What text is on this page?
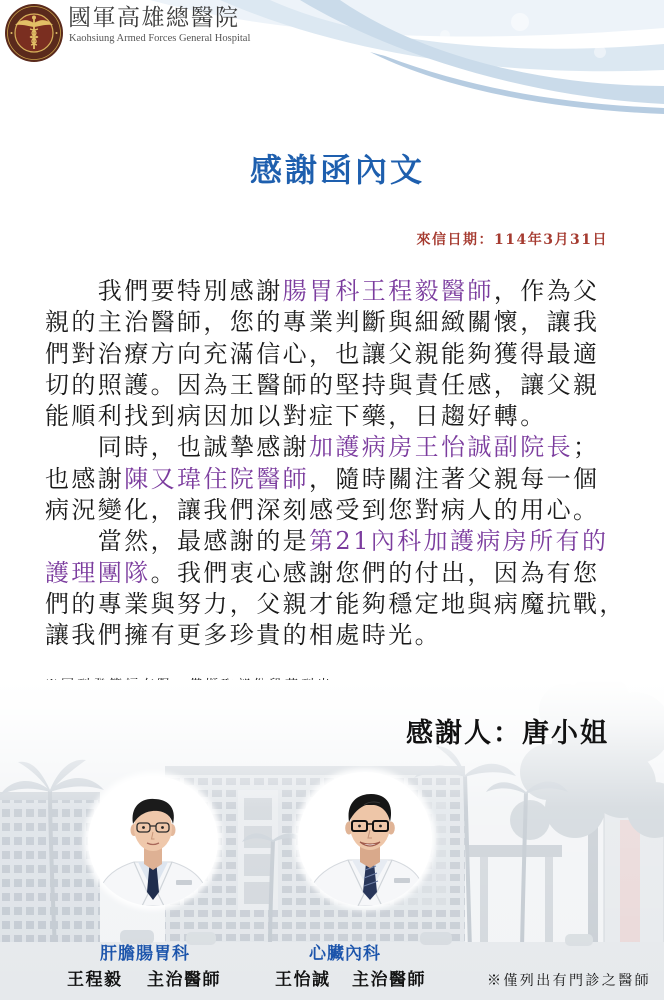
國軍高雄總醫院
Kaohsiung Armed Forces General Hospital
感謝函內文
來信日期：114年3月31日
我們要特別感謝腸胃科王程毅醫師，作為父
親的主治醫師，您的專業判斷與細緻關懷，讓我
們對治療方向充滿信心，也讓父親能夠獲得最適
切的照護。因為王醫師的堅持與責任感，讓父親
能順利找到病因加以對症下藥，日趨好轉。
同時，也誠摯感謝加護病房王怡誠副院長；
也感謝陳又瑋住院醫師，隨時關注著父親每一個
病況變化，讓我們深刻感受到您對病人的用心。
當然，最感謝的是第21內科加護病房所有的
護理團隊。我們衷心感謝您們的付出，因為有您
們的專業與努力，父親才能夠穩定地與病魔抗戰，
讓我們擁有更多珍貴的相處時光。
感謝人：唐小姐
肝膽腸胃科
王程毅 主治醫師
心臟內科
王怡誠 主治醫師	※僅列出有門診之醫師
